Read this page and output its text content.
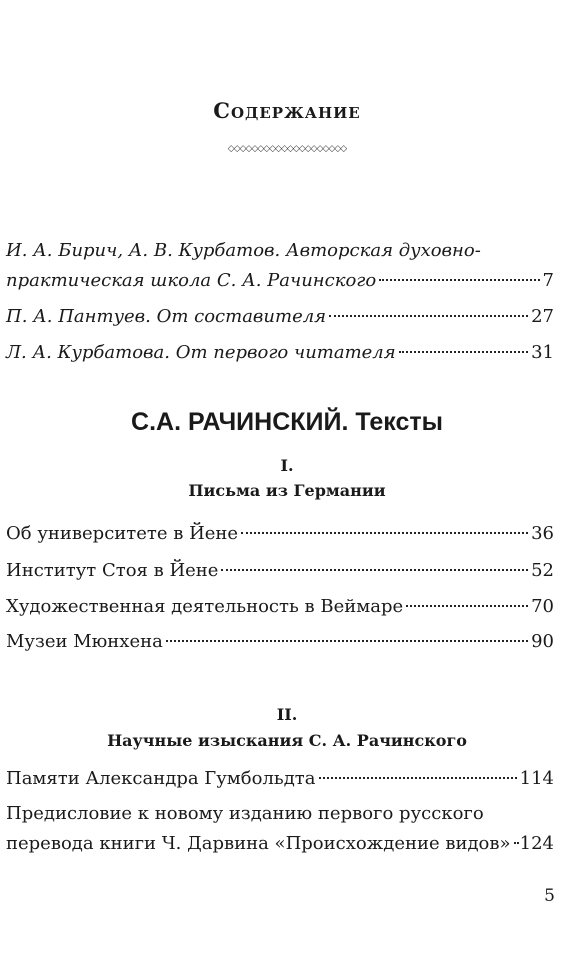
Содержание
◇◇◇◇◇◇◇◇◇◇◇◇◇◇◇◇◇◇◇◇
И. А. Бирич, А. В. Курбатов. Авторская духовно-
практическая школа С. А. Рачинского	7
П. А. Пантуев. От составителя	27
Л. А. Курбатова. От первого читателя	31
С.А. РАЧИНСКИЙ. Тексты
I.
Письма из Германии
Об университете в Йене	36
Институт Стоя в Йене	52
Художественная деятельность в Веймаре	70
Музеи Мюнхена	90
II.
Научные изыскания С. А. Рачинского
Памяти Александра Гумбольдта	114
Предисловие к новому изданию первого русского
перевода книги Ч. Дарвина «Происхождение видов» 124
5
